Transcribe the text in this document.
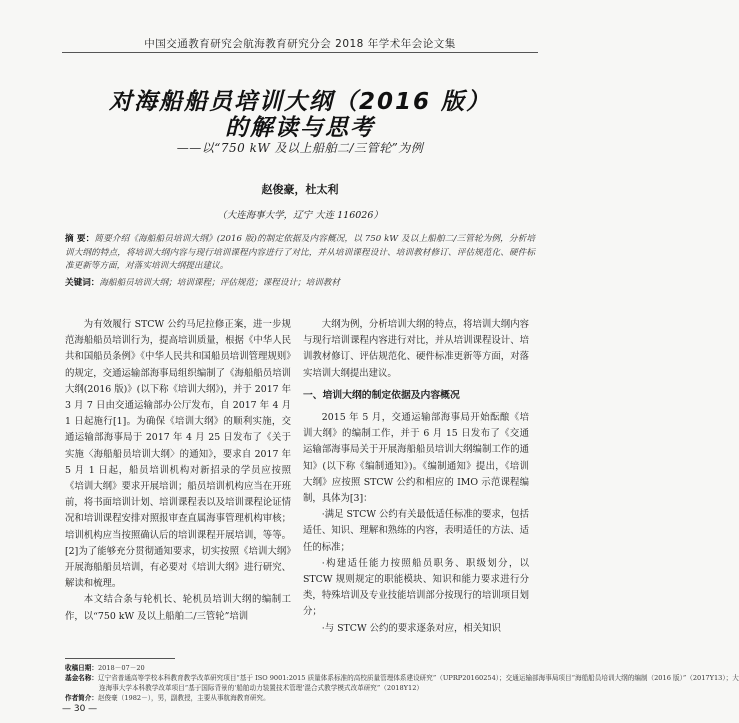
中国交通教育研究会航海教育研究分会 2018 年学术年会论文集
对海船船员培训大纲（2016 版）
的解读与思考
——以“750 kW 及以上船舶二/三管轮”为例
赵俊豪，杜太利
（大连海事大学，辽宁 大连 116026）
摘 要：简要介绍《海船船员培训大纲》(2016 版)的制定依据及内容概况，以 750 kW 及以上船舶二/三管轮为例，分析培训大纲的特点，将培训大纲内容与现行培训课程内容进行了对比，并从培训课程设计、培训教材修订、评估规范化、硬件标准更新等方面，对落实培训大纲提出建议。
关键词：海船船员培训大纲；培训课程；评估规范；课程设计；培训教材

为有效履行 STCW 公约马尼拉修正案，进一步规范海船船员培训行为，提高培训质量，根据《中华人民共和国船员条例》《中华人民共和国船员培训管理规则》的规定，交通运输部海事局组织编制了《海船船员培训大纲(2016 版)》(以下称《培训大纲》)，并于 2017 年 3 月 7 日由交通运输部办公厅发布，自 2017 年 4 月 1 日起施行[1]。为确保《培训大纲》的顺利实施，交通运输部海事局于 2017 年 4 月 25 日发布了《关于实施〈海船船员培训大纲〉的通知》，要求自 2017 年 5 月 1 日起，船员培训机构对新招录的学员应按照《培训大纲》要求开展培训；船员培训机构应当在开班前，将书面培训计划、培训课程表以及培训课程论证情况和培训课程安排对照报审查直属海事管理机构审核；培训机构应当按照确认后的培训课程开展培训，等等。[2]为了能够充分贯彻通知要求，切实按照《培训大纲》开展海船船员培训，有必要对《培训大纲》进行研究、解读和梳理。

本文结合条与轮机长、轮机员培训大纲的编制工作，以“750 kW 及以上船舶二/三管轮”培训

大纲为例，分析培训大纲的特点，将培训大纲内容与现行培训课程内容进行对比，并从培训课程设计、培训教材修订、评估规范化、硬件标准更新等方面，对落实培训大纲提出建议。

一、培训大纲的制定依据及内容概况

2015 年 5 月，交通运输部海事局开始酝酿《培训大纲》的编制工作，并于 6 月 15 日发布了《交通运输部海事局关于开展海船船员培训大纲编制工作的通知》(以下称《编制通知》)。《编制通知》提出，《培训大纲》应按照 STCW 公约和相应的 IMO 示范课程编制，具体为[3]：

·满足 STCW 公约有关最低适任标准的要求，包括适任、知识、理解和熟练的内容，表明适任的方法、适任的标准；

·构建适任能力按照船员职务、职级划分，以 STCW 规则规定的职能模块、知识和能力要求进行分类，特殊培训及专业技能培训部分按现行的培训项目划分；

·与 STCW 公约的要求逐条对应，相关知识

收稿日期：2018－07－20
基金名称：辽宁省普通高等学校本科教育教学改革研究项目“基于 ISO 9001:2015 质量体系标准的高校质量管理体系建设研究”（UPRP20160254）；交通运输部海事局项目“海船船员培训大纲的编制（2016 版）”（2017Y13）；大
连海事大学本科教学改革项目“基于国际背景的‘船舶动力装置技术管理’混合式教学模式改革研究”（2018Y12）
作者简介：赵俊豪（1982－），男，副教授，主要从事航海教育研究。
— 30 —
